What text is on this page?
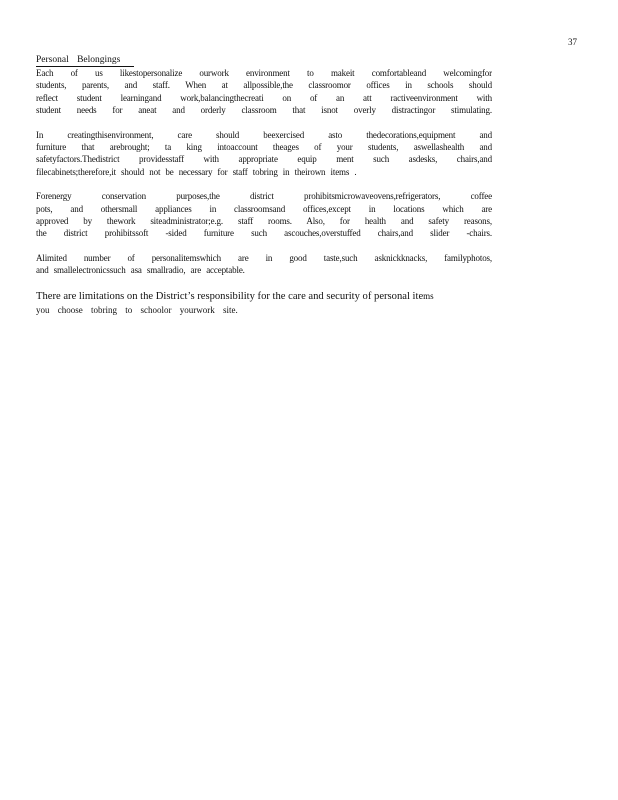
37
Personal Belongings
Each of us likestopersonalize ourwork environment to makeit comfortableand welcomingfor
students, parents, and staff. When at allpossible,the classroomor offices in schools should
reflect student learningand work,balancingthecreati on of an att ractiveenvironment with
student needs for aneat and orderly classroom that isnot overly distractingor stimulating.
In creatingthisenvironment, care should beexercised asto thedecorations,equipment and
furniture that arebrought; ta king intoaccount theages of your students, aswellashealth and
safetyfactors.Thedistrict providesstaff with appropriate equip ment such asdesks, chairs,and
filecabinets;therefore,it should not be necessary for staff tobring in theirown items .
Forenergy conservation purposes,the district prohibitsmicrowaveovens,refrigerators, coffee
pots, and othersmall appliances in classroomsand offices,except in locations which are
approved by thework siteadministrator;e.g. staff rooms. Also, for health and safety reasons,
the district prohibitssoft -sided furniture such ascouches,overstuffed chairs,and slider -chairs.
Alimited number of personalitemswhich are in good taste,such asknickknacks, familyphotos,
and smallelectronicssuch asa smallradio, are acceptable.
There are limitations on the District’s responsibility for the care and security of personal items
you choose tobring to schoolor yourwork site.
